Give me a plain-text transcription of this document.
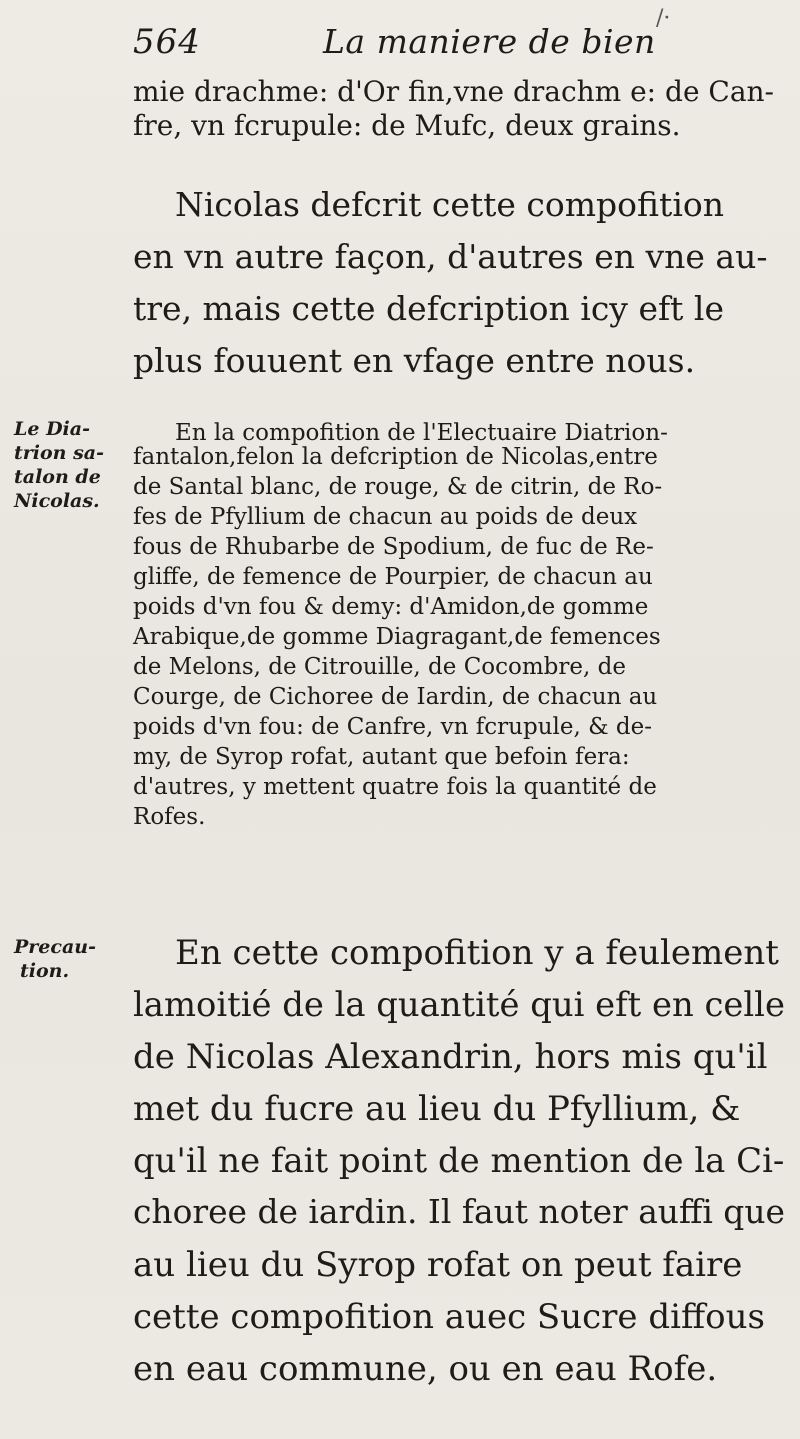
564	La maniere de bien
/·
mie drachme: d'Or fin,vne drachm e: de Can-
fre, vn fcrupule: de Mufc, deux grains.
Nicolas defcrit cette compofition
en vn autre façon, d'autres en vne au-
tre, mais cette defcription icy eft le
plus fouuent en vfage entre nous.
Le Dia-
trion sa-
talon de
Nicolas.
En la compofition de l'Electuaire Diatrion-
fantalon,felon la defcription de Nicolas,entre
de Santal blanc, de rouge, & de citrin, de Ro-
fes de Pfyllium de chacun au poids de deux
fous de Rhubarbe de Spodium, de fuc de Re-
gliffe, de femence de Pourpier, de chacun au
poids d'vn fou & demy: d'Amidon,de gomme
Arabique,de gomme Diagragant,de femences
de Melons, de Citrouille, de Cocombre, de
Courge, de Cichoree de Iardin, de chacun au
poids d'vn fou: de Canfre, vn fcrupule, & de-
my, de Syrop rofat, autant que befoin fera:
d'autres, y mettent quatre fois la quantité de
Rofes.
Precau-
tion.	En cette compofition y a feulement
lamoitié de la quantité qui eft en celle
de Nicolas Alexandrin, hors mis qu'il
met du fucre au lieu du Pfyllium, &
qu'il ne fait point de mention de la Ci-
choree de iardin. Il faut noter auffi que
au lieu du Syrop rofat on peut faire
cette compofition auec Sucre diffous
en eau commune, ou en eau Rofe.
